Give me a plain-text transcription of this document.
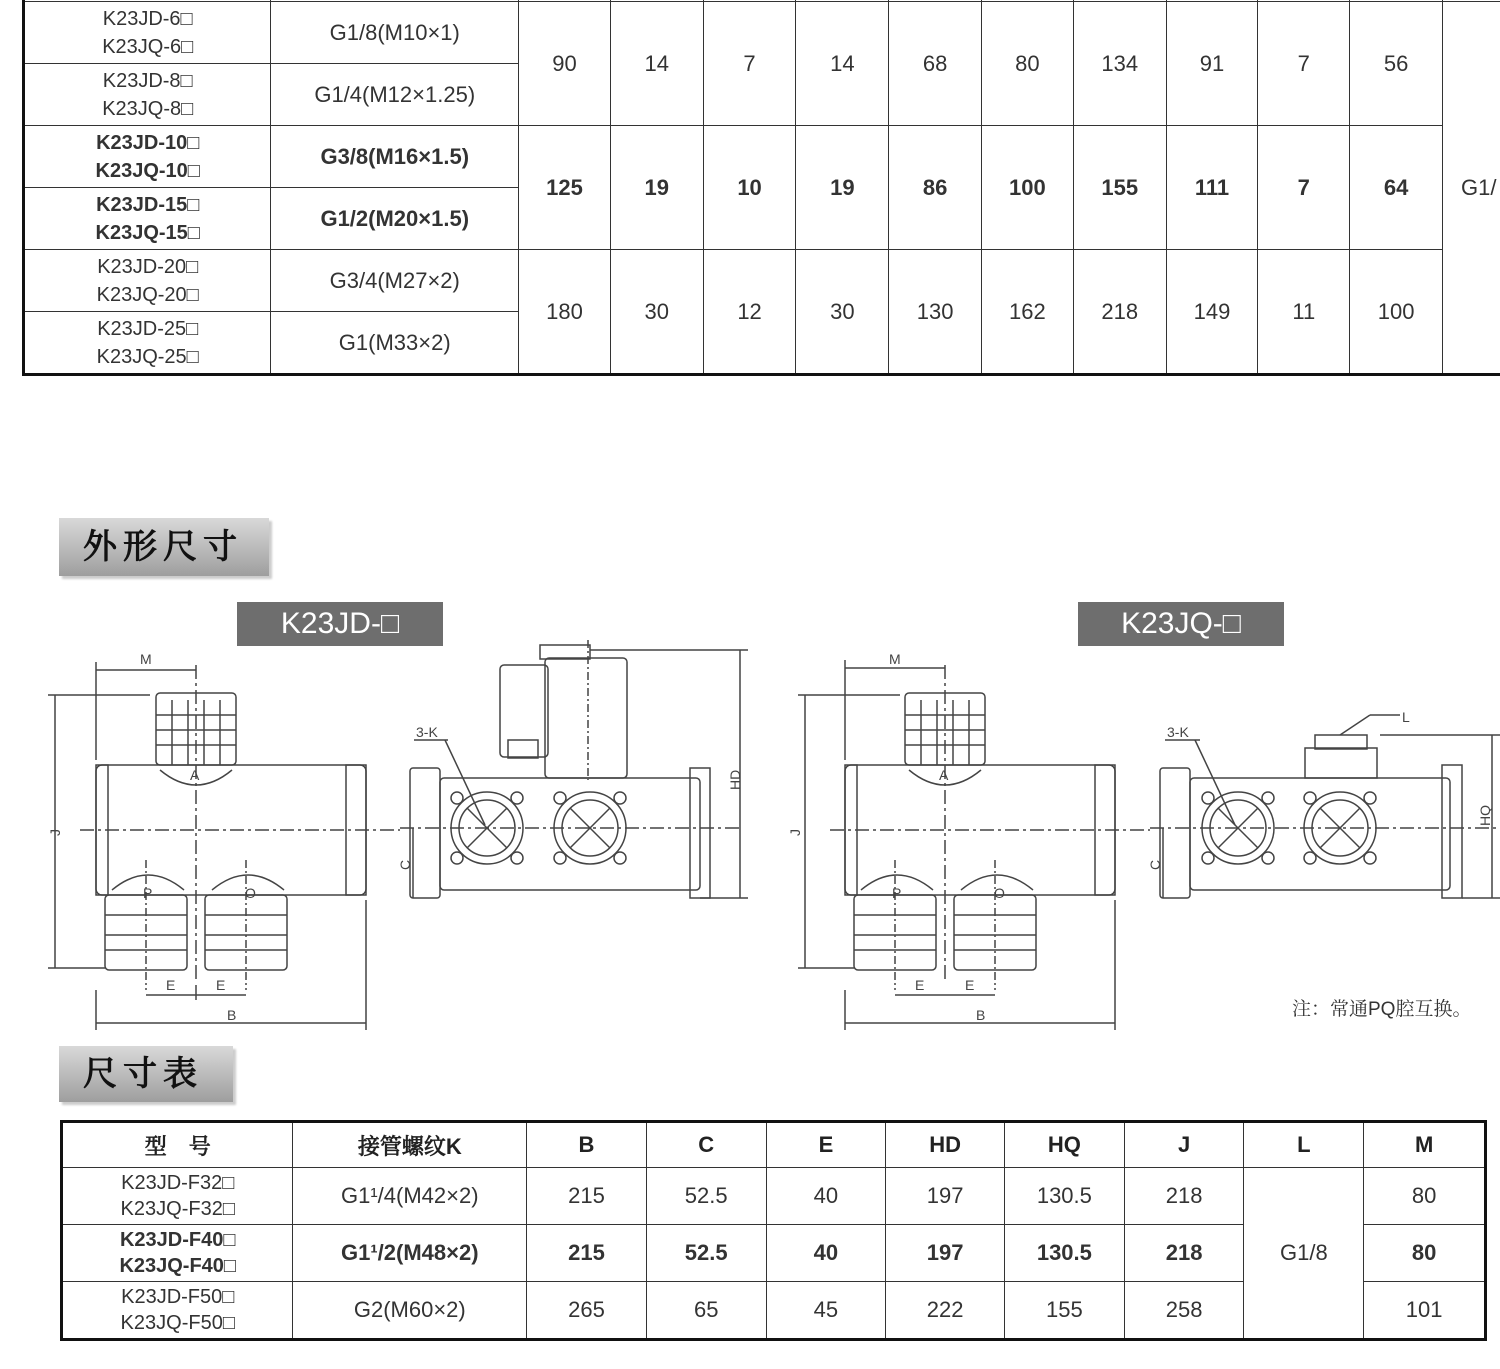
K23JD-6□
K23JQ-6□	G1/8(M10×1)	90	14	7	14	68	80	134	91	7	56	G1/
K23JD-8□
K23JQ-8□	G1/4(M12×1.25)											
K23JD-10□
K23JQ-10□	G3/8(M16×1.5)	125	19	10	19	86	100	155	111	7	64	
K23JD-15□
K23JQ-15□	G1/2(M20×1.5)											
K23JD-20□
K23JQ-20□	G3/4(M27×2)	180	30	12	30	130	162	218	149	11	100	
K23JD-25□
K23JQ-25□	G1(M33×2)											
外形尺寸
K23JD-□	K23JQ-□
M
B
E	E
A
P	O
J
3-K
HD
C
M
B
E	E
A
P	O
J
3-K
L
HQ
C
注：常通PQ腔互换。
尺寸表
型　号	接管螺纹K	B	C	E	HD	HQ	J	L	M
K23JD-F32□
K23JQ-F32□	G1¹/4(M42×2)	215	52.5	40	197	130.5	218	G1/8	80
K23JD-F40□
K23JQ-F40□	G1¹/2(M48×2)	215	52.5	40	197	130.5	218		80
K23JD-F50□
K23JQ-F50□	G2(M60×2)	265	65	45	222	155	258		101
